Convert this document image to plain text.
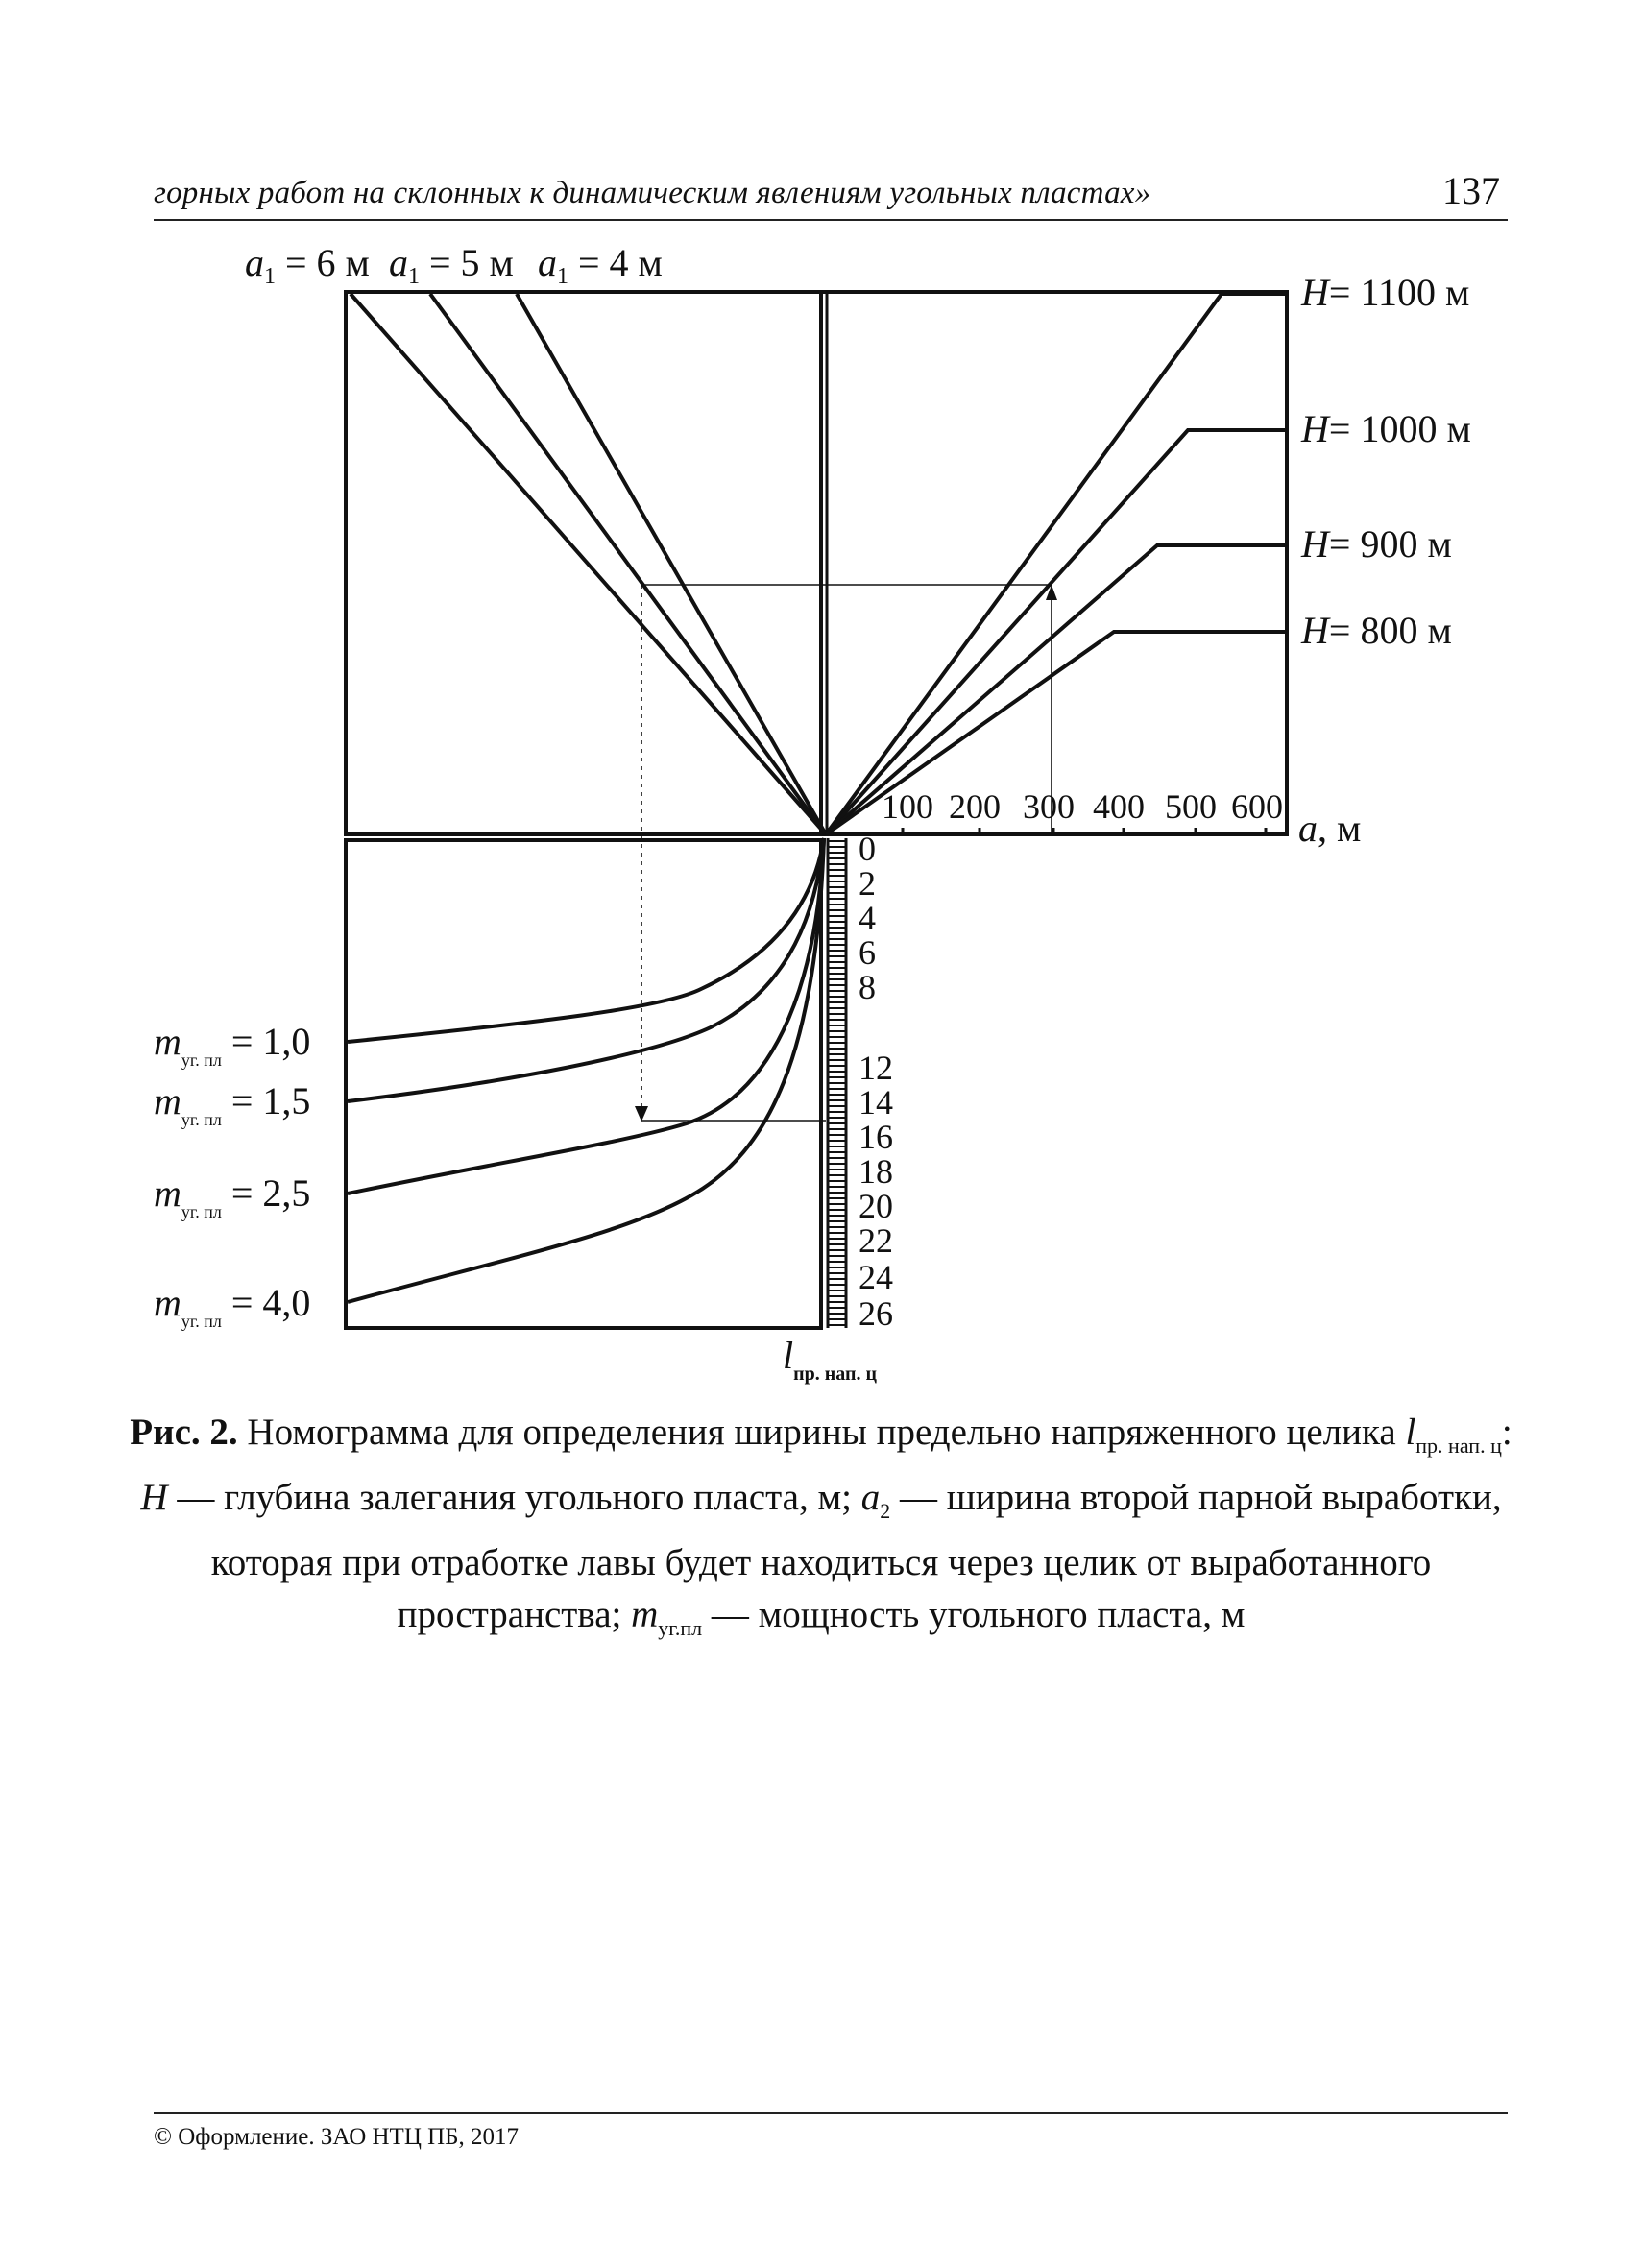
горных работ на склонных к динамическим явлениям угольных пластах»	137
$a_1 = 6$ м $a_1 = 5$ м $a_1 = 4$ м
H= 1100 м
H= 1000 м
H= 900 м
H= 800 м
100 200 300 400 500 600 a, м
0
2
4
6
8
12
14
16
18
20
22
24
26
$l_{пр. нап. ц}$
$m_{уг. пл} = 1,0$
$m_{уг. пл} = 1,5$
$m_{уг. пл} = 2,5$
$m_{уг. пл} = 4,0$
Рис. 2. Номограмма для определения ширины предельно напряженного целика $l_{пр. нап. ц}$:
H — глубина залегания угольного пласта, м; $a_2$ — ширина второй парной выработки, которая при отработке лавы будет находиться через целик от выработанного пространства; $m_{уг.пл}$ — мощность угольного пласта, м
© Оформление. ЗАО НТЦ ПБ, 2017
